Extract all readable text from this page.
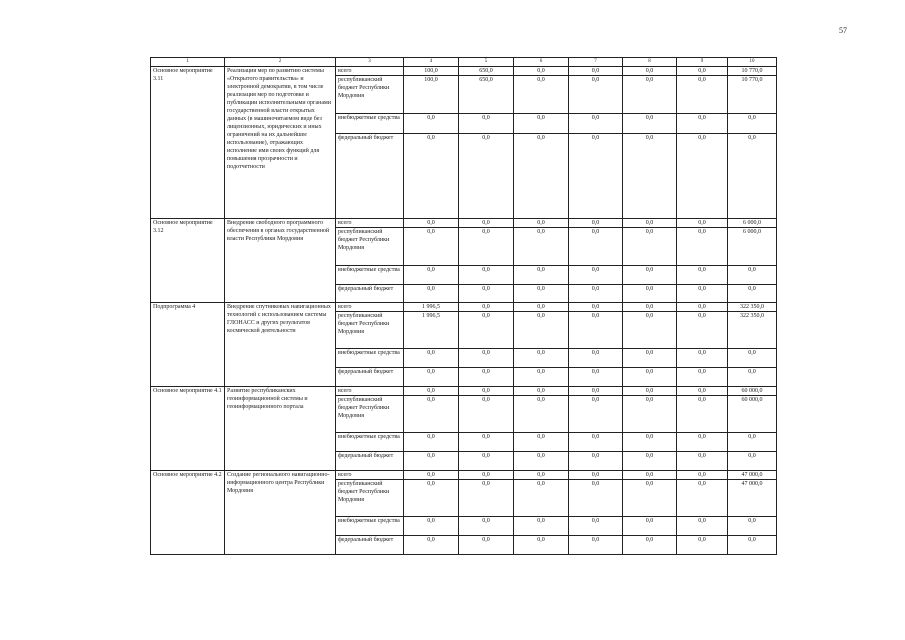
57
1	2	3	4	5	6	7	8	9	10
Основное мероприятие 3.11	Реализация мер по развитию системы «Открытого правительства» и электронной демократии, в том числе реализация мер по подготовке и публикации исполнительными органами государственной власти открытых данных (в машиночитаемом виде без лицензионных, юридических и иных ограничений на их дальнейшее использование), отражающих исполнение ими своих функций для повышения прозрачности и подотчетности	всего	100,0	650,0	0,0	0,0	0,0	0,0	10 770,0
		республиканский бюджет Республики Мордовия	100,0	650,0	0,0	0,0	0,0	0,0	10 770,0
		внебюджетные средства	0,0	0,0	0,0	0,0	0,0	0,0	0,0
		федеральный бюджет	0,0	0,0	0,0	0,0	0,0	0,0	0,0
Основное мероприятие 3.12	Внедрение свободного программного обеспечения в органах государственной власти Республики Мордовия	всего	0,0	0,0	0,0	0,0	0,0	0,0	6 000,0
		республиканский бюджет Республики Мордовия	0,0	0,0	0,0	0,0	0,0	0,0	6 000,0
		внебюджетные средства	0,0	0,0	0,0	0,0	0,0	0,0	0,0
		федеральный бюджет	0,0	0,0	0,0	0,0	0,0	0,0	0,0
Подпрограмма 4	Внедрение спутниковых навигационных технологий с использованием системы ГЛОНАСС и других результатов космической деятельности	всего	1 996,5	0,0	0,0	0,0	0,0	0,0	322 350,0
		республиканский бюджет Республики Мордовия	1 996,5	0,0	0,0	0,0	0,0	0,0	322 350,0
		внебюджетные средства	0,0	0,0	0,0	0,0	0,0	0,0	0,0
		федеральный бюджет	0,0	0,0	0,0	0,0	0,0	0,0	0,0
Основное мероприятие 4.1	Развитие республиканских геоинформационной системы и геоинформационного портала	всего	0,0	0,0	0,0	0,0	0,0	0,0	60 000,0
		республиканский бюджет Республики Мордовия	0,0	0,0	0,0	0,0	0,0	0,0	60 000,0
		внебюджетные средства	0,0	0,0	0,0	0,0	0,0	0,0	0,0
		федеральный бюджет	0,0	0,0	0,0	0,0	0,0	0,0	0,0
Основное мероприятие 4.2	Создание регионального навигационно-информационного центра Республики Мордовия	всего	0,0	0,0	0,0	0,0	0,0	0,0	47 000,0
		республиканский бюджет Республики Мордовия	0,0	0,0	0,0	0,0	0,0	0,0	47 000,0
		внебюджетные средства	0,0	0,0	0,0	0,0	0,0	0,0	0,0
		федеральный бюджет	0,0	0,0	0,0	0,0	0,0	0,0	0,0
